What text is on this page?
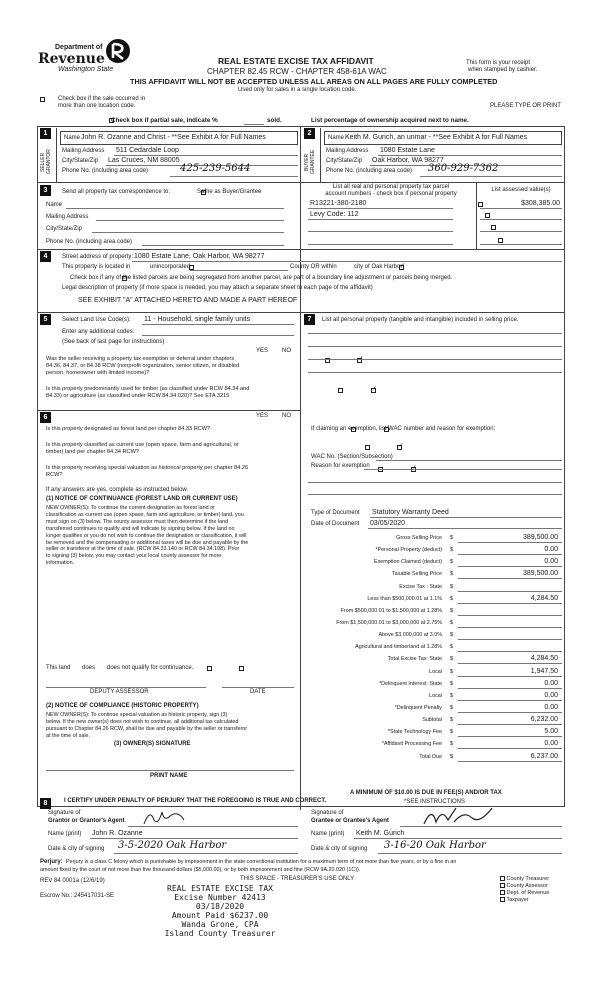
Department of
Revenue
Washington State
REAL ESTATE EXCISE TAX AFFIDAVIT
CHAPTER 82.45 RCW - CHAPTER 458-61A WAC
THIS AFFIDAVIT WILL NOT BE ACCEPTED UNLESS ALL AREAS ON ALL PAGES ARE FULLY COMPLETED
This form is your receipt
when stamped by cashier.
Used only for sales in a single location code.
PLEASE TYPE OR PRINT

Check box if the sale occurred in
more than one location code.

Check box if partial sale, indicate %	sold.	List percentage of ownership acquired next to name.
1
SELLER GRANTOR
Name John R. Ozanne and Christ - **See Exhibit A for Full Names
Mailing Address 511 Cedardale Loop
City/State/Zip Las Cruces, NM 88005
Phone No. (including area code)	425-239-5644
2
BUYER GRANTEE
Name Keith M. Gurich, an unmar - **See Exhibit A for Full Names
Mailing Address 1080 Estate Lane
City/State/Zip Oak Harbor, WA 98277
Phone No. (including area code) 360-929-7362
3	Send all property tax correspondence to: ✓	Same as Buyer/Grantee
Name
Mailing Address
City/State/Zip
Phone No. (including area code)
List all real and personal property tax parcel
account numbers - check box if personal property
List assessed value(s)
R13221-380-2180
	$308,385.00
Levy Code: 112

4	Street address of property: 1080 Estate Lane, Oak Harbor, WA 98277
This property is located in
	unincorporated	County OR within ✓	city of Oak Harbor

Check box if any of the listed parcels are being segregated from another parcel, are part of a boundary line adjustment or parcels being merged.
Legal description of property (if more space is needed, you may attach a separate sheet to each page of the affidavit)
SEE EXHIBIT "A" ATTACHED HERETO AND MADE A PART HEREOF
5	Select Land Use Code(s): 11 - Household, single family units
Enter any additional codes:
(See back of last page for instructions)
YES NO
Was the seller receiving a property tax exemption or deferral under chapters 84.36, 84.37, or 84.38 RCW (nonprofit organization, senior citizen, or disabled person, homeowner with limited income)?
✓
Is this property predominantly used for timber (as classified under RCW 84.34 and 84.33) or agriculture (as classified under RCW 84.34.020)? See ETA 3215
✓
6	YES NO
Is this property designated as forest land per chapter 84.33 RCW?
✓
Is this property classified as current use (open space, farm and agricultural, or timber) land per chapter 84.34 RCW?
✓
Is this property receiving special valuation as historical property per chapter 84.26 RCW?
✓
If any answers are yes, complete as instructed below.
(1) NOTICE OF CONTINUANCE (FOREST LAND OR CURRENT USE)
NEW OWNER(S): To continue the current designation as forest land or
classification as current use (open space, farm and agriculture, or timber) land, you
must sign on (3) below. The county assessor must then determine if the land
transferred continues to qualify and will indicate by signing below. If the land no
longer qualifies or you do not wish to continue the designation or classification, it will
be removed and the compensating or additional taxes will be due and payable by the
seller or transferor at the time of sale. (RCW 84.33.140 or RCW 84.34.108). Prior
to signing (3) below, you may contact your local county assessor for more
information.
This land
does does not qualify for continuance.
DEPUTY ASSESSOR	DATE
(2) NOTICE OF COMPLIANCE (HISTORIC PROPERTY)
NEW OWNER(S): To continue special valuation as historic property, sign (3)
below. If the new owner(s) does not wish to continue, all additional tax calculated
pursuant to Chapter 84.26 RCW, shall be due and payable by the seller or transferor
at the time of sale.
(3) OWNER(S) SIGNATURE
PRINT NAME
7	List all personal property (tangible and intangible) included in selling price.
If claiming an exemption, list WAC number and reason for exemption:
WAC No. (Section/Subsection)
Reason for exemption
Type of Document Statutory Warranty Deed
Date of Document 03/05/2020
Gross Selling Price $	389,500.00
*Personal Property (deduct) $	0.00
Exemption Claimed (deduct) $	0.00
Taxable Selling Price $	389,500.00
Excise Tax : State $
Less than $500,000.01 at 1.1% $	4,284.50
From $500,000.01 to $1,500,000 at 1.28% $
From $1,500,000.01 to $3,000,000 at 2.75% $
Above $3,000,000 at 3.0% $
Agricultural and timberland at 1.28% $
Total Excise Tax: State $	4,284.50
Local $	1,947.50
*Delinquent Interest: State $	0.00
Local $	0.00
*Delinquent Penalty $	0.00
Subtotal $	6,232.00
*State Technology Fee $	5.00
*Affidavit Processing Fee $	0.00
Total Due $	6,237.00
A MINIMUM OF $10.00 IS DUE IN FEE(S) AND/OR TAX
*SEE INSTRUCTIONS
8	I CERTIFY UNDER PENALTY OF PERJURY THAT THE FOREGOING IS TRUE AND CORRECT.
Signature of
Grantor or Grantor's Agent
Name (print) John R. Ozanne
Date & city of signing 3-5-2020 Oak Harbor
Signature of
Grantee or Grantee's Agent
Name (print) Keith M. Gurich
Date & city of signing 3-16-20 Oak Harbor
Perjury: Perjury is a class C felony which is punishable by imprisonment in the state correctional institution for a maximum term of not more than five years, or by a fine in an
amount fixed by the court of not more than five thousand dollars ($5,000.00), or by both imprisonment and fine (RCW 9A.20.020 (1C)).
REV 84 0001a (12/6/19)	THIS SPACE - TREASURER'S USE ONLY
Escrow No.: 245417031-SE
REAL ESTATE EXCISE TAX
Excise Number 42413
03/18/2020
Amount Paid $6237.00
Wanda Grone, CPA
Island County Treasurer
County Treasurer
County Assessor
Dept. of Revenue
Taxpayer
